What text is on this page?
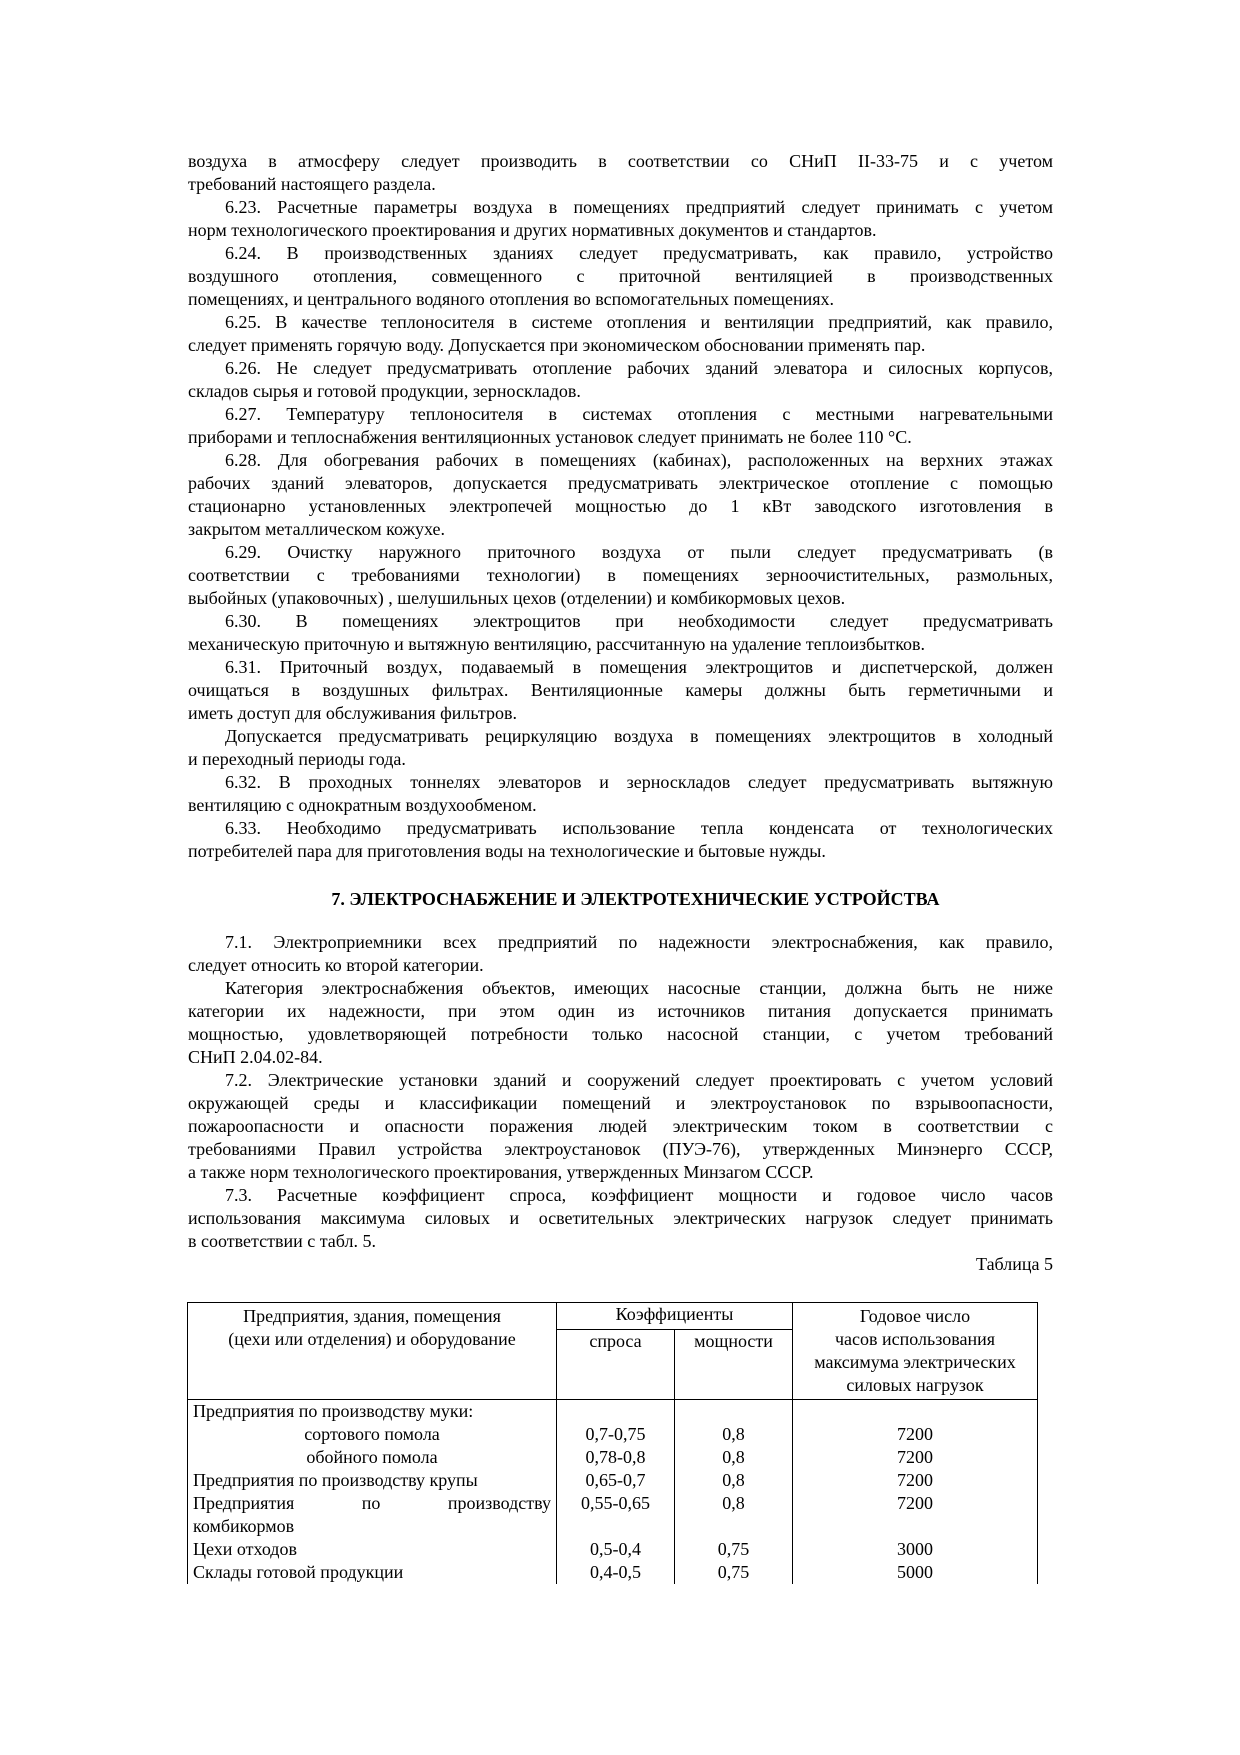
воздуха в атмосферу следует производить в соответствии со СНиП II-33-75 и с учетом
требований настоящего раздела.
6.23. Расчетные параметры воздуха в помещениях предприятий следует принимать с учетом
норм технологического проектирования и других нормативных документов и стандартов.
6.24. В производственных зданиях следует предусматривать, как правило, устройство
воздушного отопления, совмещенного с приточной вентиляцией в производственных
помещениях, и центрального водяного отопления во вспомогательных помещениях.
6.25. В качестве теплоносителя в системе отопления и вентиляции предприятий, как правило,
следует применять горячую воду. Допускается при экономическом обосновании применять пар.
6.26. Не следует предусматривать отопление рабочих зданий элеватора и силосных корпусов,
складов сырья и готовой продукции, зерноскладов.
6.27. Температуру теплоносителя в системах отопления с местными нагревательными
приборами и теплоснабжения вентиляционных установок следует принимать не более 110 °С.
6.28. Для обогревания рабочих в помещениях (кабинах), расположенных на верхних этажах
рабочих зданий элеваторов, допускается предусматривать электрическое отопление с помощью
стационарно установленных электропечей мощностью до 1 кВт заводского изготовления в
закрытом металлическом кожухе.
6.29. Очистку наружного приточного воздуха от пыли следует предусматривать (в
соответствии с требованиями технологии) в помещениях зерноочистительных, размольных,
выбойных (упаковочных) , шелушильных цехов (отделении) и комбикормовых цехов.
6.30. В помещениях электрощитов при необходимости следует предусматривать
механическую приточную и вытяжную вентиляцию, рассчитанную на удаление теплоизбытков.
6.31. Приточный воздух, подаваемый в помещения электрощитов и диспетчерской, должен
очищаться в воздушных фильтрах. Вентиляционные камеры должны быть герметичными и
иметь доступ для обслуживания фильтров.
Допускается предусматривать рециркуляцию воздуха в помещениях электрощитов в холодный
и переходный периоды года.
6.32. В проходных тоннелях элеваторов и зерноскладов следует предусматривать вытяжную
вентиляцию с однократным воздухообменом.
6.33. Необходимо предусматривать использование тепла конденсата от технологических
потребителей пара для приготовления воды на технологические и бытовые нужды.
7. ЭЛЕКТРОСНАБЖЕНИЕ И ЭЛЕКТРОТЕХНИЧЕСКИЕ УСТРОЙСТВА
7.1. Электроприемники всех предприятий по надежности электроснабжения, как правило,
следует относить ко второй категории.
Категория электроснабжения объектов, имеющих насосные станции, должна быть не ниже
категории их надежности, при этом один из источников питания допускается принимать
мощностью, удовлетворяющей потребности только насосной станции, с учетом требований
СНиП 2.04.02-84.
7.2. Электрические установки зданий и сооружений следует проектировать с учетом условий
окружающей среды и классификации помещений и электроустановок по взрывоопасности,
пожароопасности и опасности поражения людей электрическим током в соответствии с
требованиями Правил устройства электроустановок (ПУЭ-76), утвержденных Минэнерго СССР,
а также норм технологического проектирования, утвержденных Минзагом СССР.
7.3. Расчетные коэффициент спроса, коэффициент мощности и годовое число часов
использования максимума силовых и осветительных электрических нагрузок следует принимать
в соответствии с табл. 5.
Таблица 5
Предприятия, здания, помещения
(цехи или отделения) и оборудование	Коэффициенты		Годовое число
часов использования
максимума электрических
силовых нагрузок
	спроса	мощности	
Предприятия по производству муки:			
сортового помола	0,7-0,75	0,8	7200
обойного помола	0,78-0,8	0,8	7200
Предприятия по производству крупы	0,65-0,7	0,8	7200

Предприятия по производству
комбикормов	0,55-0,65	0,8	7200
Цехи отходов	0,5-0,4	0,75	3000
Склады готовой продукции	0,4-0,5	0,75	5000
